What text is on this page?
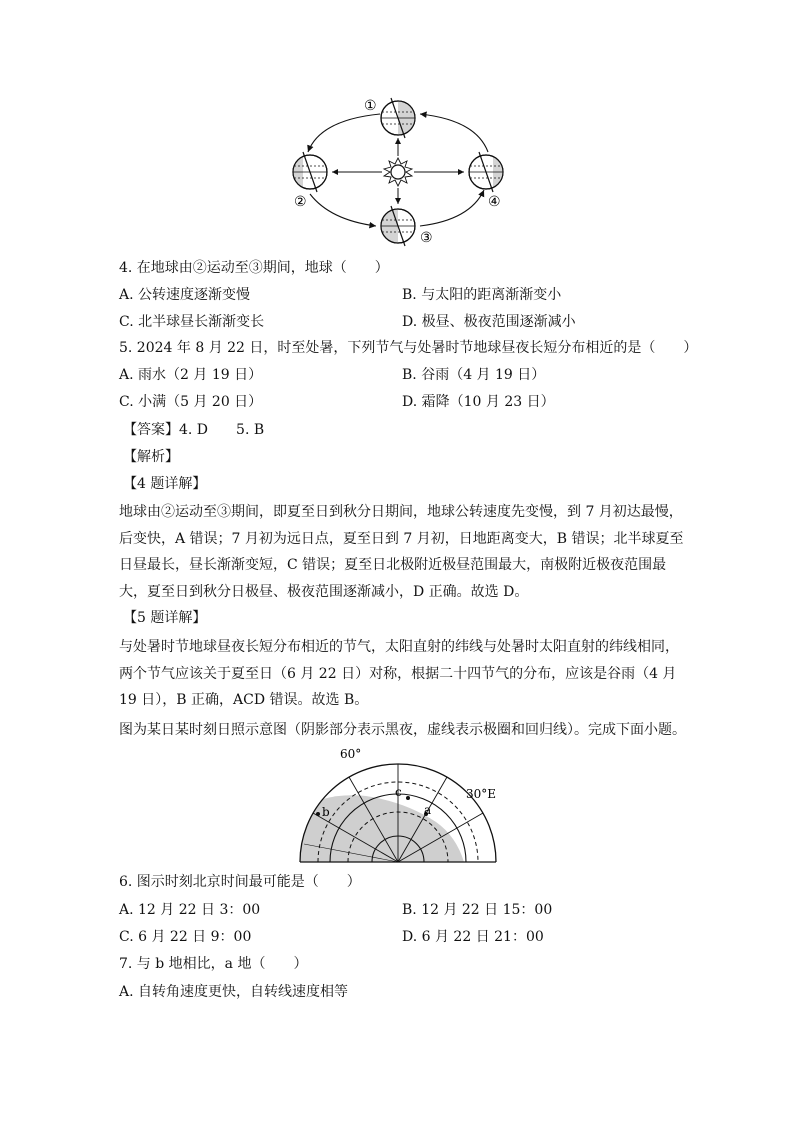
①
②
③
④
4. 在地球由②运动至③期间，地球（　　）
A. 公转速度逐渐变慢	B. 与太阳的距离渐渐变小
C. 北半球昼长渐渐变长	D. 极昼、极夜范围逐渐减小
5. 2024 年 8 月 22 日，时至处暑，下列节气与处暑时节地球昼夜长短分布相近的是（　　）
A. 雨水（2 月 19 日）	B. 谷雨（4 月 19 日）
C. 小满（5 月 20 日）	D. 霜降（10 月 23 日）
【答案】4. D　　5. B
【解析】
【4 题详解】
地球由②运动至③期间，即夏至日到秋分日期间，地球公转速度先变慢，到 7 月初达最慢，后变快，A 错误；7 月初为远日点，夏至日到 7 月初，日地距离变大，B 错误；北半球夏至日昼最长，昼长渐渐变短，C 错误；夏至日北极附近极昼范围最大，南极附近极夜范围最大，夏至日到秋分日极昼、极夜范围逐渐减小，D 正确。故选 D。
【5 题详解】
与处暑时节地球昼夜长短分布相近的节气，太阳直射的纬线与处暑时太阳直射的纬线相同，两个节气应该关于夏至日（6 月 22 日）对称，根据二十四节气的分布，应该是谷雨（4 月 19 日），B 正确，ACD 错误。故选 B。
图为某日某时刻日照示意图（阴影部分表示黑夜，虚线表示极圈和回归线）。完成下面小题。
60°
30°E
c
a
b
6. 图示时刻北京时间最可能是（　　）
A. 12 月 22 日 3：00	B. 12 月 22 日 15：00
C. 6 月 22 日 9：00	D. 6 月 22 日 21：00
7. 与 b 地相比，a 地（　　）
A. 自转角速度更快，自转线速度相等
